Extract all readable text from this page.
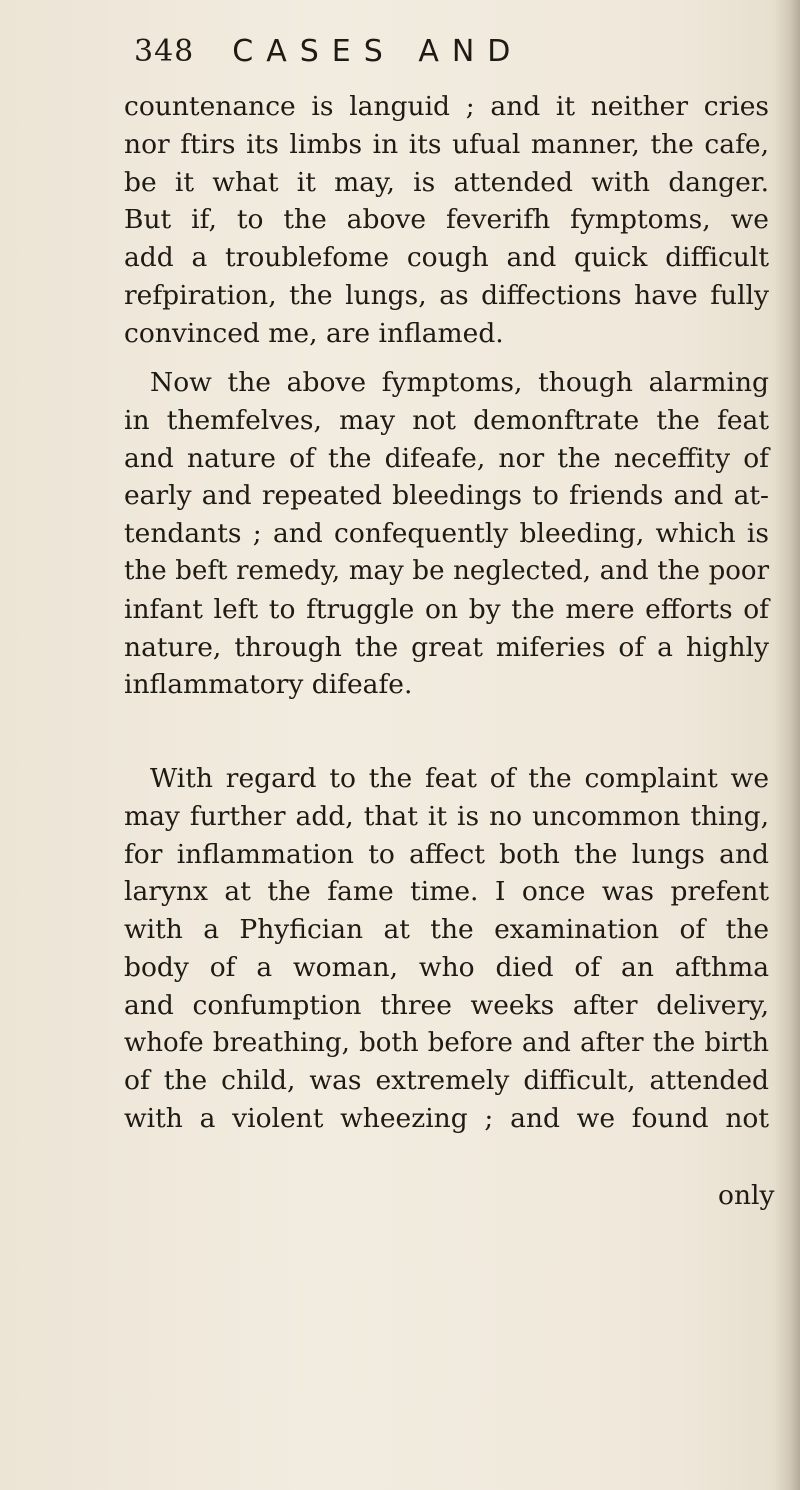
348 CASES AND

countenance is languid ; and it neither cries
nor ftirs its limbs in its ufual manner, the cafe,
be it what it may, is attended with danger.
But if, to the above feverifh fymptoms, we
add a troublefome cough and quick difficult
refpiration, the lungs, as diffections have fully
convinced me, are inflamed.

Now the above fymptoms, though alarming
in themfelves, may not demonftrate the feat
and nature of the difeafe, nor the neceffity of
early and repeated bleedings to friends and at-
tendants ; and confequently bleeding, which is
the beft remedy, may be neglected, and the poor
infant left to ftruggle on by the mere efforts of
nature, through the great miferies of a highly
inflammatory difeafe.

With regard to the feat of the complaint we
may further add, that it is no uncommon thing,
for inflammation to affect both the lungs and
larynx at the fame time. I once was prefent
with a Phyfician at the examination of the
body of a woman, who died of an afthma
and confumption three weeks after delivery,
whofe breathing, both before and after the birth
of the child, was extremely difficult, attended
with a violent wheezing ; and we found not

only
